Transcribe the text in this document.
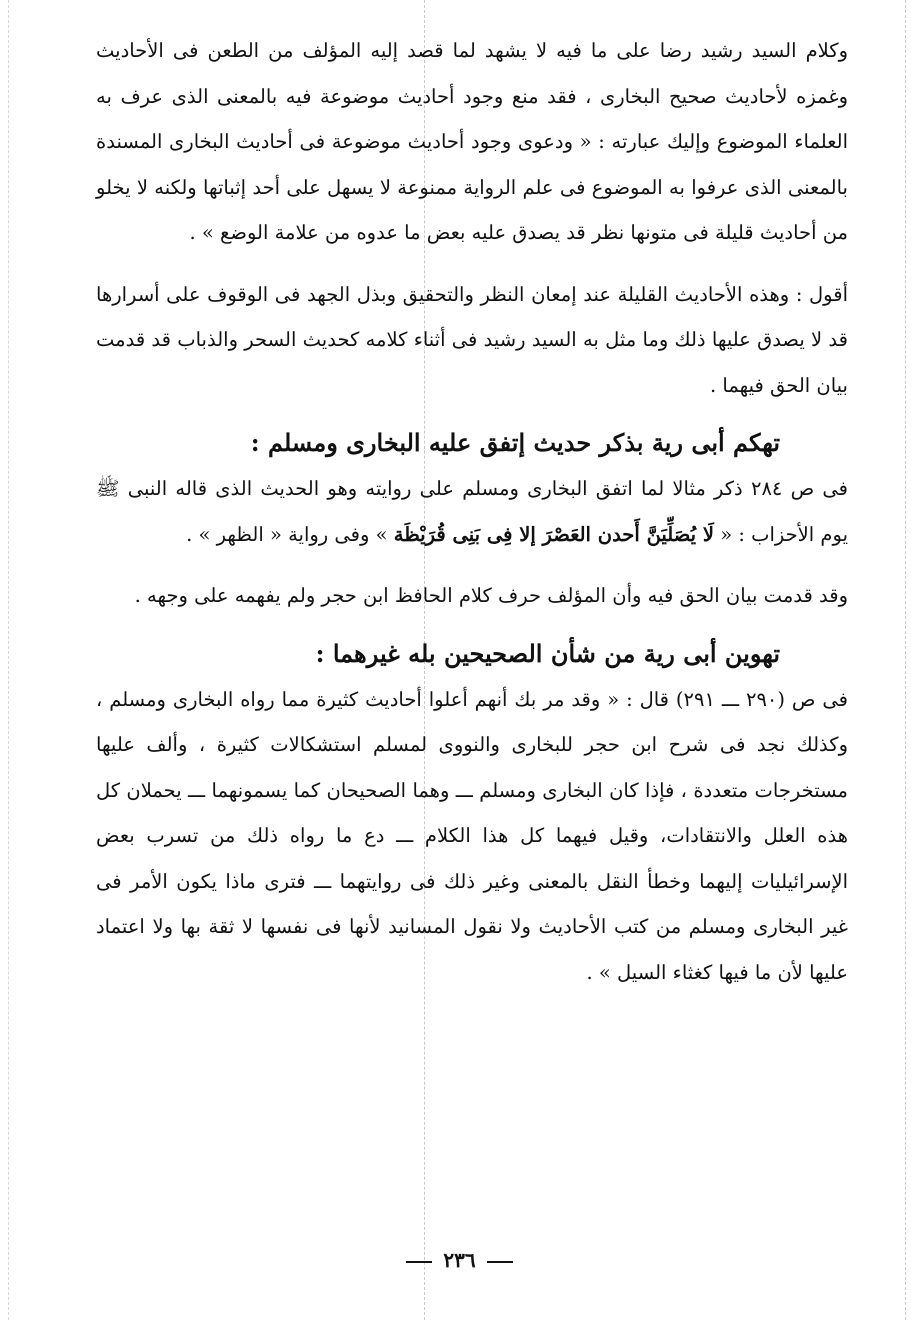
وكلام السيد رشيد رضا على ما فيه لا يشهد لما قصد إليه المؤلف من الطعن فى الأحاديث وغمزه لأحاديث صحيح البخارى ، فقد منع وجود أحاديث موضوعة فيه بالمعنى الذى عرف به العلماء الموضوع وإليك عبارته : « ودعوى وجود أحاديث موضوعة فى أحاديث البخارى المسندة بالمعنى الذى عرفوا به الموضوع فى علم الرواية ممنوعة لا يسهل على أحد إثباتها ولكنه لا يخلو من أحاديث قليلة فى متونها نظر قد يصدق عليه بعض ما عدوه من علامة الوضع » .

أقول : وهذه الأحاديث القليلة عند إمعان النظر والتحقيق وبذل الجهد فى الوقوف على أسرارها قد لا يصدق عليها ذلك وما مثل به السيد رشيد فى أثناء كلامه كحديث السحر والذباب قد قدمت بيان الحق فيهما .

تهكم أبى رية بذكر حديث إتفق عليه البخارى ومسلم :

فى ص ٢٨٤ ذكر مثالا لما اتفق البخارى ومسلم على روايته وهو الحديث الذى قاله النبى ﷺ يوم الأحزاب : « لَا يُصَلِّيَنَّ أَحدن العَصْرَ إلا فِى بَنِى قُرَيْظَة » وفى رواية « الظهر » .

وقد قدمت بيان الحق فيه وأن المؤلف حرف كلام الحافظ ابن حجر ولم يفهمه على وجهه .

تهوين أبى رية من شأن الصحيحين بله غيرهما :

فى ص (٢٩٠ ـــ ٢٩١) قال : « وقد مر بك أنهم أعلوا أحاديث كثيرة مما رواه البخارى ومسلم ، وكذلك نجد فى شرح ابن حجر للبخارى والنووى لمسلم استشكالات كثيرة ، وألف عليها مستخرجات متعددة ، فإذا كان البخارى ومسلم ـــ وهما الصحيحان كما يسمونهما ـــ يحملان كل هذه العلل والانتقادات، وقيل فيهما كل هذا الكلام ـــ دع ما رواه ذلك من تسرب بعض الإسرائيليات إليهما وخطأ النقل بالمعنى وغير ذلك فى روايتهما ـــ فترى ماذا يكون الأمر فى غير البخارى ومسلم من كتب الأحاديث ولا نقول المسانيد لأنها فى نفسها لا ثقة بها ولا اعتماد عليها لأن ما فيها كغثاء السيل » .

٢٣٦
